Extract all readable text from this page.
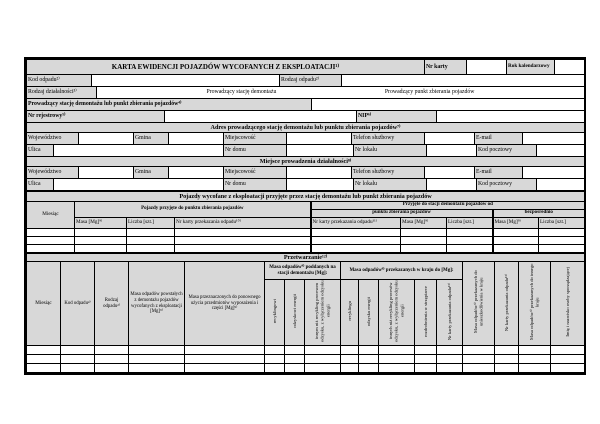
KARTA EWIDENCJI POJAZDÓW WYCOFANYCH Z EKSPLOATACJI¹⁾	Nr karty		Rok kalendarzowy	
Kod odpadu²⁾		Rodzaj odpadu²⁾	
Rodzaj działalności³⁾	Prowadzący stację demontażu	Prowadzący punkt zbierania pojazdów
Prowadzący stację demontażu lub punkt zbierania pojazdów⁴⁾	
Nr rejestrowy⁵⁾		NIP⁶⁾	
Adres prowadzącego stację demontażu lub punktu zbierania pojazdów⁷⁾
Województwo		Gmina		Miejscowość		Telefon służbowy		E-mail	
Ulica		Nr domu		Nr lokalu		Kod pocztowy	
Miejsce prowadzenia działalności⁸⁾
Województwo		Gmina		Miejscowość		Telefon służbowy		E-mail	
Ulica		Nr domu		Nr lokalu		Kod pocztowy	
Pojazdy wycofane z eksploatacji przyjęte przez stację demontażu lub punkt zbierania pojazdów								
Miesiąc	Pojazdy przyjęte do punktu zbierania pojazdów			Przyjęte do stacji demontażu pojazdów od				
				punktu zbierania pojazdów			bezpośrednio	
	Masa [Mg]⁹⁾	Liczba [szt.]	Nr karty przekazania odpadu¹⁰⁾	Nr karty przekazania odpadu¹¹⁾	Masa [Mg]⁹⁾	Liczba [szt.]	Masa [Mg]⁹⁾	Liczba [szt.]

Przetwarzanie¹²⁾																
Miesiąc	Kod odpadu²⁾	Rodzaj odpadu²⁾	Masa odpadów powstałych z demontażu pojazdów wycofanych z eksploatacji [Mg]⁹⁾	Masa przeznaczonych do ponownego użycia przedmiotów wyposażenia i części [Mg]⁹⁾	Masa odpadów⁹⁾ poddanych na stacji demontażu [Mg]:			Masa odpadów⁹⁾ przekazanych w kraju do [Mg]:					Masa odpadów⁹⁾ przekazanych do unieszkodliwienia w kraju	Nr karty przekazania odpadu¹³⁾	Masa odpadów⁹⁾ przekazanych do innego kraju	Imię i nazwisko osoby sporządzającej
					recyklingowi	odzyskowi energii	innym niż recykling procesom odzysku, z wyłączeniem odzysku energii	recyklingu	odzysku energii	innych niż recykling procesów odzysku, z wyłączeniem odzysku energii	rozdrobnienia w strzępiarce	Nr karty przekazania odpadu¹³⁾				
